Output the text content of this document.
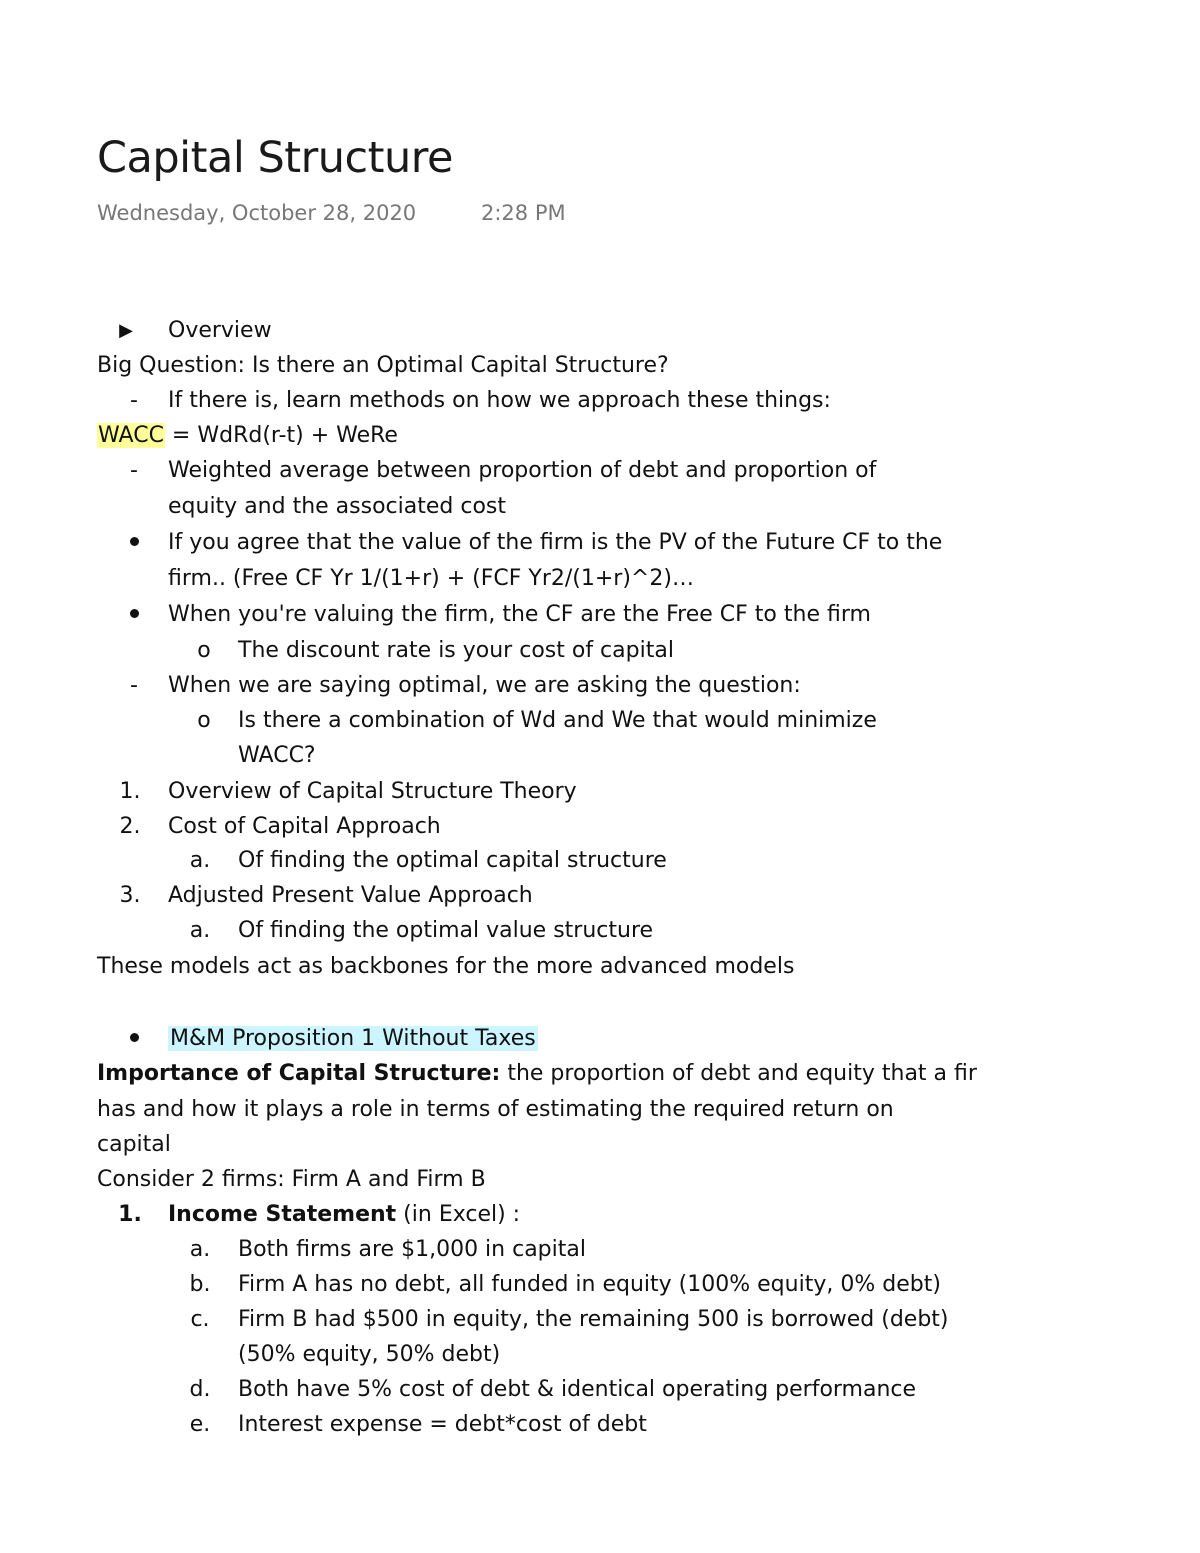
Capital Structure
Wednesday, October 28, 2020	2:28 PM
▶	Overview
Big Question: Is there an Optimal Capital Structure?
-	If there is, learn methods on how we approach these things:
WACC = WdRd(r-t) + WeRe
-	Weighted average between proportion of debt and proportion of
equity and the associated cost
If you agree that the value of the firm is the PV of the Future CF to the
firm.. (Free CF Yr 1/(1+r) + (FCF Yr2/(1+r)^2)…
When you're valuing the firm, the CF are the Free CF to the firm
o	The discount rate is your cost of capital
-	When we are saying optimal, we are asking the question:
o	Is there a combination of Wd and We that would minimize
WACC?
1.	Overview of Capital Structure Theory
2.	Cost of Capital Approach
a.	Of finding the optimal capital structure
3.	Adjusted Present Value Approach
a.	Of finding the optimal value structure
These models act as backbones for the more advanced models
M&M Proposition 1 Without Taxes
Importance of Capital Structure: the proportion of debt and equity that a fir
has and how it plays a role in terms of estimating the required return on
capital
Consider 2 firms: Firm A and Firm B
1. Income Statement (in Excel) :
a.	Both firms are $1,000 in capital
b.	Firm A has no debt, all funded in equity (100% equity, 0% debt)
c.	Firm B had $500 in equity, the remaining 500 is borrowed (debt)
(50% equity, 50% debt)
d.	Both have 5% cost of debt & identical operating performance
e.	Interest expense = debt*cost of debt
